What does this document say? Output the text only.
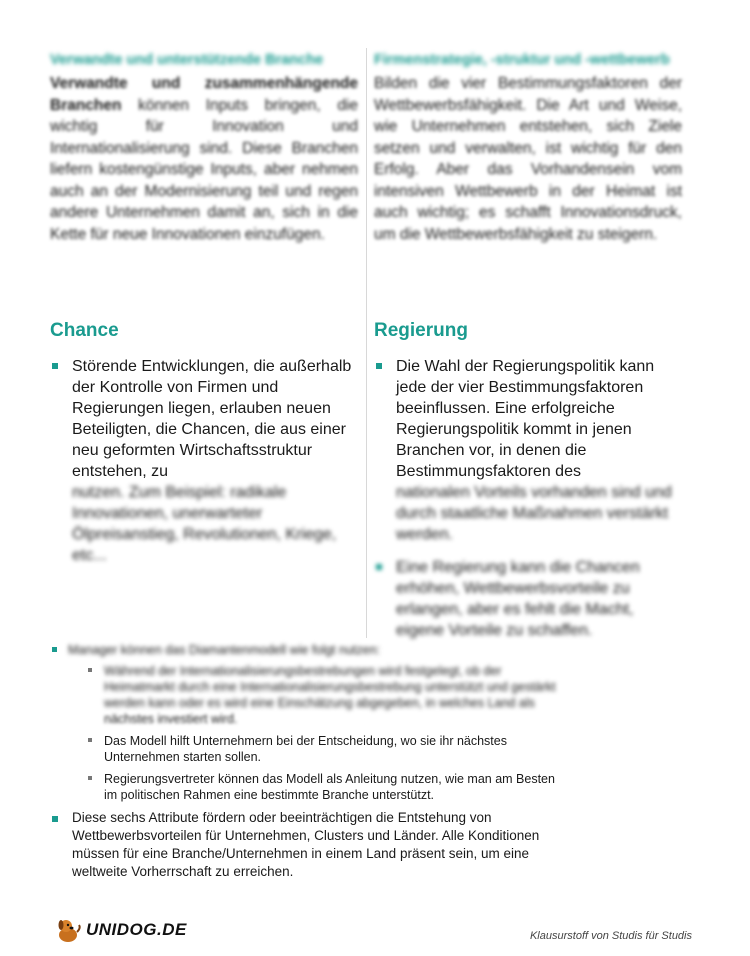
Verwandte und unterstützende Branche
Verwandte und zusammenhängende Branchen können Inputs bringen, die wichtig für Innovation und Internationalisierung sind. Diese Branchen liefern kostengünstige Inputs, aber nehmen auch an der Modernisierung teil und regen andere Unternehmen damit an, sich in die Kette für neue Innovationen einzufügen.
Firmenstrategie, -struktur und -wettbewerb
Bilden die vier Bestimmungsfaktoren der Wettbewerbsfähigkeit. Die Art und Weise, wie Unternehmen entstehen, sich Ziele setzen und verwalten, ist wichtig für den Erfolg. Aber das Vorhandensein vom intensiven Wettbewerb in der Heimat ist auch wichtig; es schafft Innovationsdruck, um die Wettbewerbsfähigkeit zu steigern.
Chance
Störende Entwicklungen, die außerhalb der Kontrolle von Firmen und Regierungen liegen, erlauben neuen Beteiligten, die Chancen, die aus einer neu geformten Wirtschaftsstruktur entstehen, zu
nutzen. Zum Beispiel: radikale Innovationen, unerwarteter Ölpreisanstieg, Revolutionen, Kriege, etc...
Regierung
Die Wahl der Regierungspolitik kann jede der vier Bestimmungsfaktoren beeinflussen. Eine erfolgreiche Regierungspolitik kommt in jenen Branchen vor, in denen die Bestimmungsfaktoren des
nationalen Vorteils vorhanden sind und durch staatliche Maßnahmen verstärkt werden.
Eine Regierung kann die Chancen erhöhen, Wettbewerbsvorteile zu erlangen, aber es fehlt die Macht, eigene Vorteile zu schaffen.
Manager können das Diamantenmodell wie folgt nutzen:
Während der Internationalisierungsbestrebungen wird festgelegt, ob der Heimatmarkt durch eine Internationalisierungsbestrebung unterstützt und gestärkt werden kann oder es wird eine Einschätzung abgegeben, in welches Land als
nächstes investiert wird.
Das Modell hilft Unternehmern bei der Entscheidung, wo sie ihr nächstes Unternehmen starten sollen.
Regierungsvertreter können das Modell als Anleitung nutzen, wie man am Besten im politischen Rahmen eine bestimmte Branche unterstützt.
Diese sechs Attribute fördern oder beeinträchtigen die Entstehung von Wettbewerbsvorteilen für Unternehmen, Clusters und Länder. Alle Konditionen müssen für eine Branche/Unternehmen in einem Land präsent sein, um eine weltweite Vorherrschaft zu erreichen.
UNIDOG.DE	Klausurstoff von Studis für Studis
